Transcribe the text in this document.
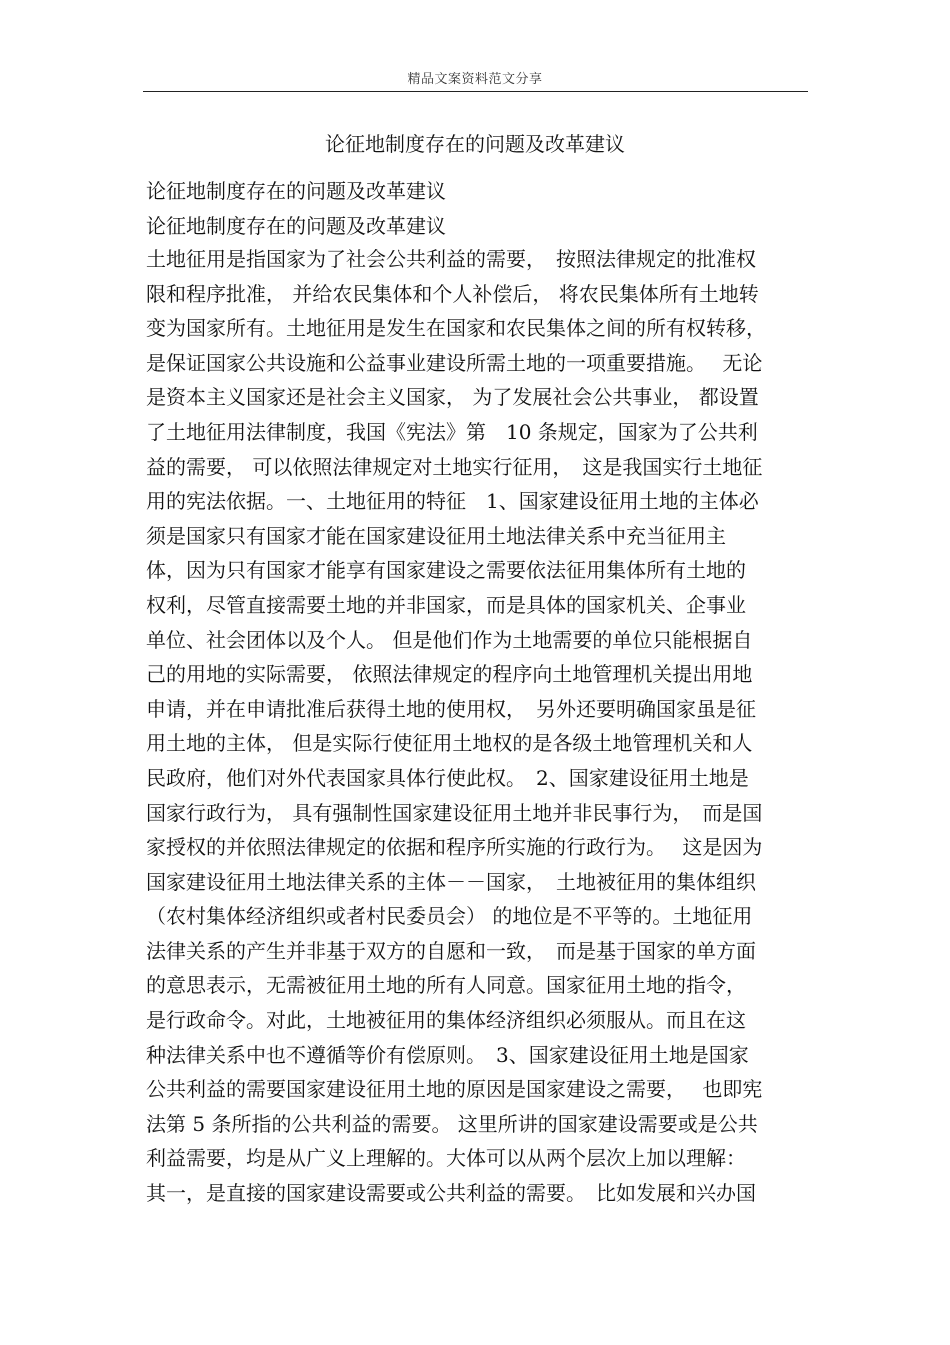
精品文案资料范文分享
论征地制度存在的问题及改革建议
论征地制度存在的问题及改革建议
论征地制度存在的问题及改革建议
土地征用是指国家为了社会公共利益的需要，　按照法律规定的批准权
限和程序批准， 并给农民集体和个人补偿后， 将农民集体所有土地转
变为国家所有。土地征用是发生在国家和农民集体之间的所有权转移，
是保证国家公共设施和公益事业建设所需土地的一项重要措施。　 无论
是资本主义国家还是社会主义国家， 为了发展社会公共事业， 都设置
了土地征用法律制度，我国《宪法》第　10 条规定，国家为了公共利
益的需要， 可以依照法律规定对土地实行征用，　这是我国实行土地征
用的宪法依据。一、土地征用的特征　1、国家建设征用土地的主体必
须是国家只有国家才能在国家建设征用土地法律关系中充当征用主
体，因为只有国家才能享有国家建设之需要依法征用集体所有土地的
权利，尽管直接需要土地的并非国家，而是具体的国家机关、企事业
单位、社会团体以及个人。 但是他们作为土地需要的单位只能根据自
己的用地的实际需要， 依照法律规定的程序向土地管理机关提出用地
申请，并在申请批准后获得土地的使用权，　另外还要明确国家虽是征
用土地的主体， 但是实际行使征用土地权的是各级土地管理机关和人
民政府，他们对外代表国家具体行使此权。　2、国家建设征用土地是
国家行政行为， 具有强制性国家建设征用土地并非民事行为，　而是国
家授权的并依照法律规定的依据和程序所实施的行政行为。　 这是因为
国家建设征用土地法律关系的主体－－国家，　土地被征用的集体组织
（农村集体经济组织或者村民委员会） 的地位是不平等的。土地征用
法律关系的产生并非基于双方的自愿和一致，　而是基于国家的单方面
的意思表示，无需被征用土地的所有人同意。国家征用土地的指令，
是行政命令。对此，土地被征用的集体经济组织必须服从。而且在这
种法律关系中也不遵循等价有偿原则。　3、国家建设征用土地是国家
公共利益的需要国家建设征用土地的原因是国家建设之需要，　 也即宪
法第 5 条所指的公共利益的需要。 这里所讲的国家建设需要或是公共
利益需要，均是从广义上理解的。大体可以从两个层次上加以理解：
其一，是直接的国家建设需要或公共利益的需要。　比如发展和兴办国
